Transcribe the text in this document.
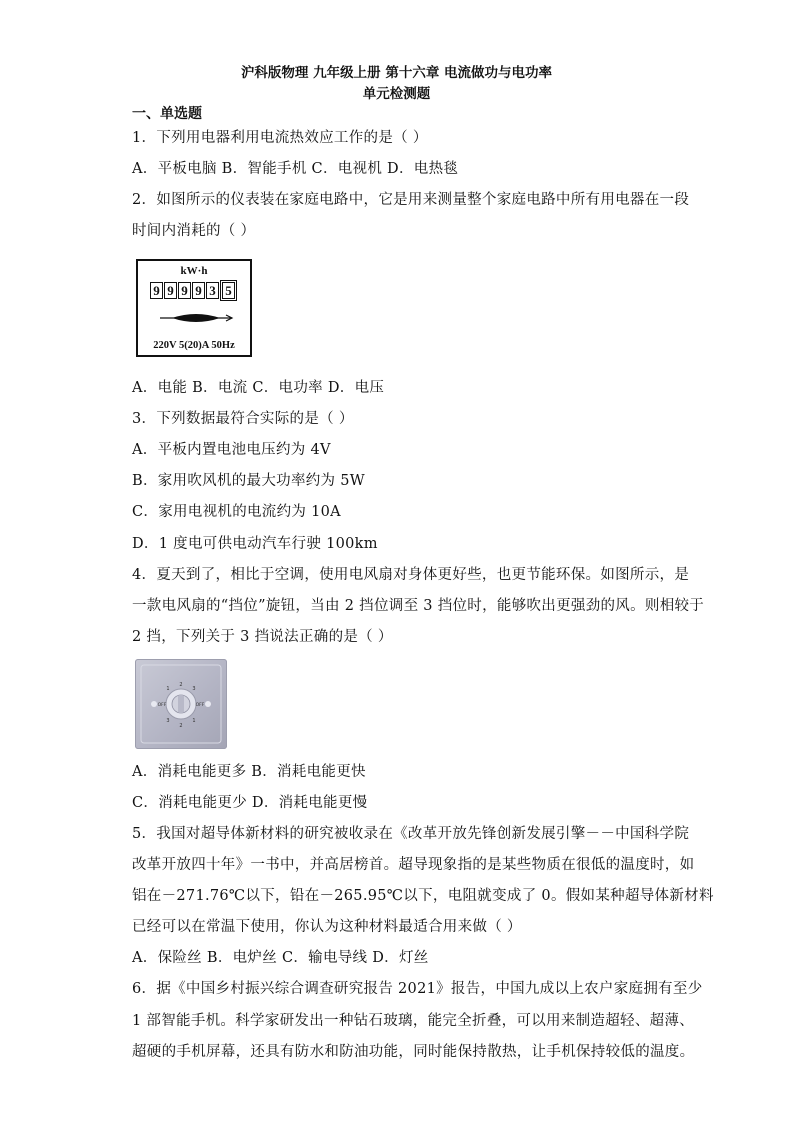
沪科版物理 九年级上册 第十六章 电流做功与电功率
单元检测题
一、单选题
1．下列用电器利用电流热效应工作的是（ ）
A．平板电脑 B．智能手机 C．电视机 D．电热毯
2．如图所示的仪表装在家庭电路中，它是用来测量整个家庭电路中所有用电器在一段
时间内消耗的（ ）
kW·h
9 9 9 9 3 5
220V 5(20)A 50Hz
A．电能 B．电流 C．电功率 D．电压
3．下列数据最符合实际的是（ ）
A．平板内置电池电压约为 4V
B．家用吹风机的最大功率约为 5W
C．家用电视机的电流约为 10A
D．1 度电可供电动汽车行驶 100km
4．夏天到了，相比于空调，使用电风扇对身体更好些，也更节能环保。如图所示，是
一款电风扇的“挡位”旋钮，当由 2 挡位调至 3 挡位时，能够吹出更强劲的风。则相较于
2 挡，下列关于 3 挡说法正确的是（ ）
2
1	3
2
3	1
OFF	OFF
A．消耗电能更多 B．消耗电能更快
C．消耗电能更少 D．消耗电能更慢
5．我国对超导体新材料的研究被收录在《改革开放先锋创新发展引擎－－中国科学院
改革开放四十年》一书中，并高居榜首。超导现象指的是某些物质在很低的温度时，如
铝在－271.76℃以下，铅在－265.95℃以下，电阻就变成了 0。假如某种超导体新材料
已经可以在常温下使用，你认为这种材料最适合用来做（ ）
A．保险丝 B．电炉丝 C．输电导线 D．灯丝
6．据《中国乡村振兴综合调查研究报告 2021》报告，中国九成以上农户家庭拥有至少
1 部智能手机。科学家研发出一种钻石玻璃，能完全折叠，可以用来制造超轻、超薄、
超硬的手机屏幕，还具有防水和防油功能，同时能保持散热，让手机保持较低的温度。
